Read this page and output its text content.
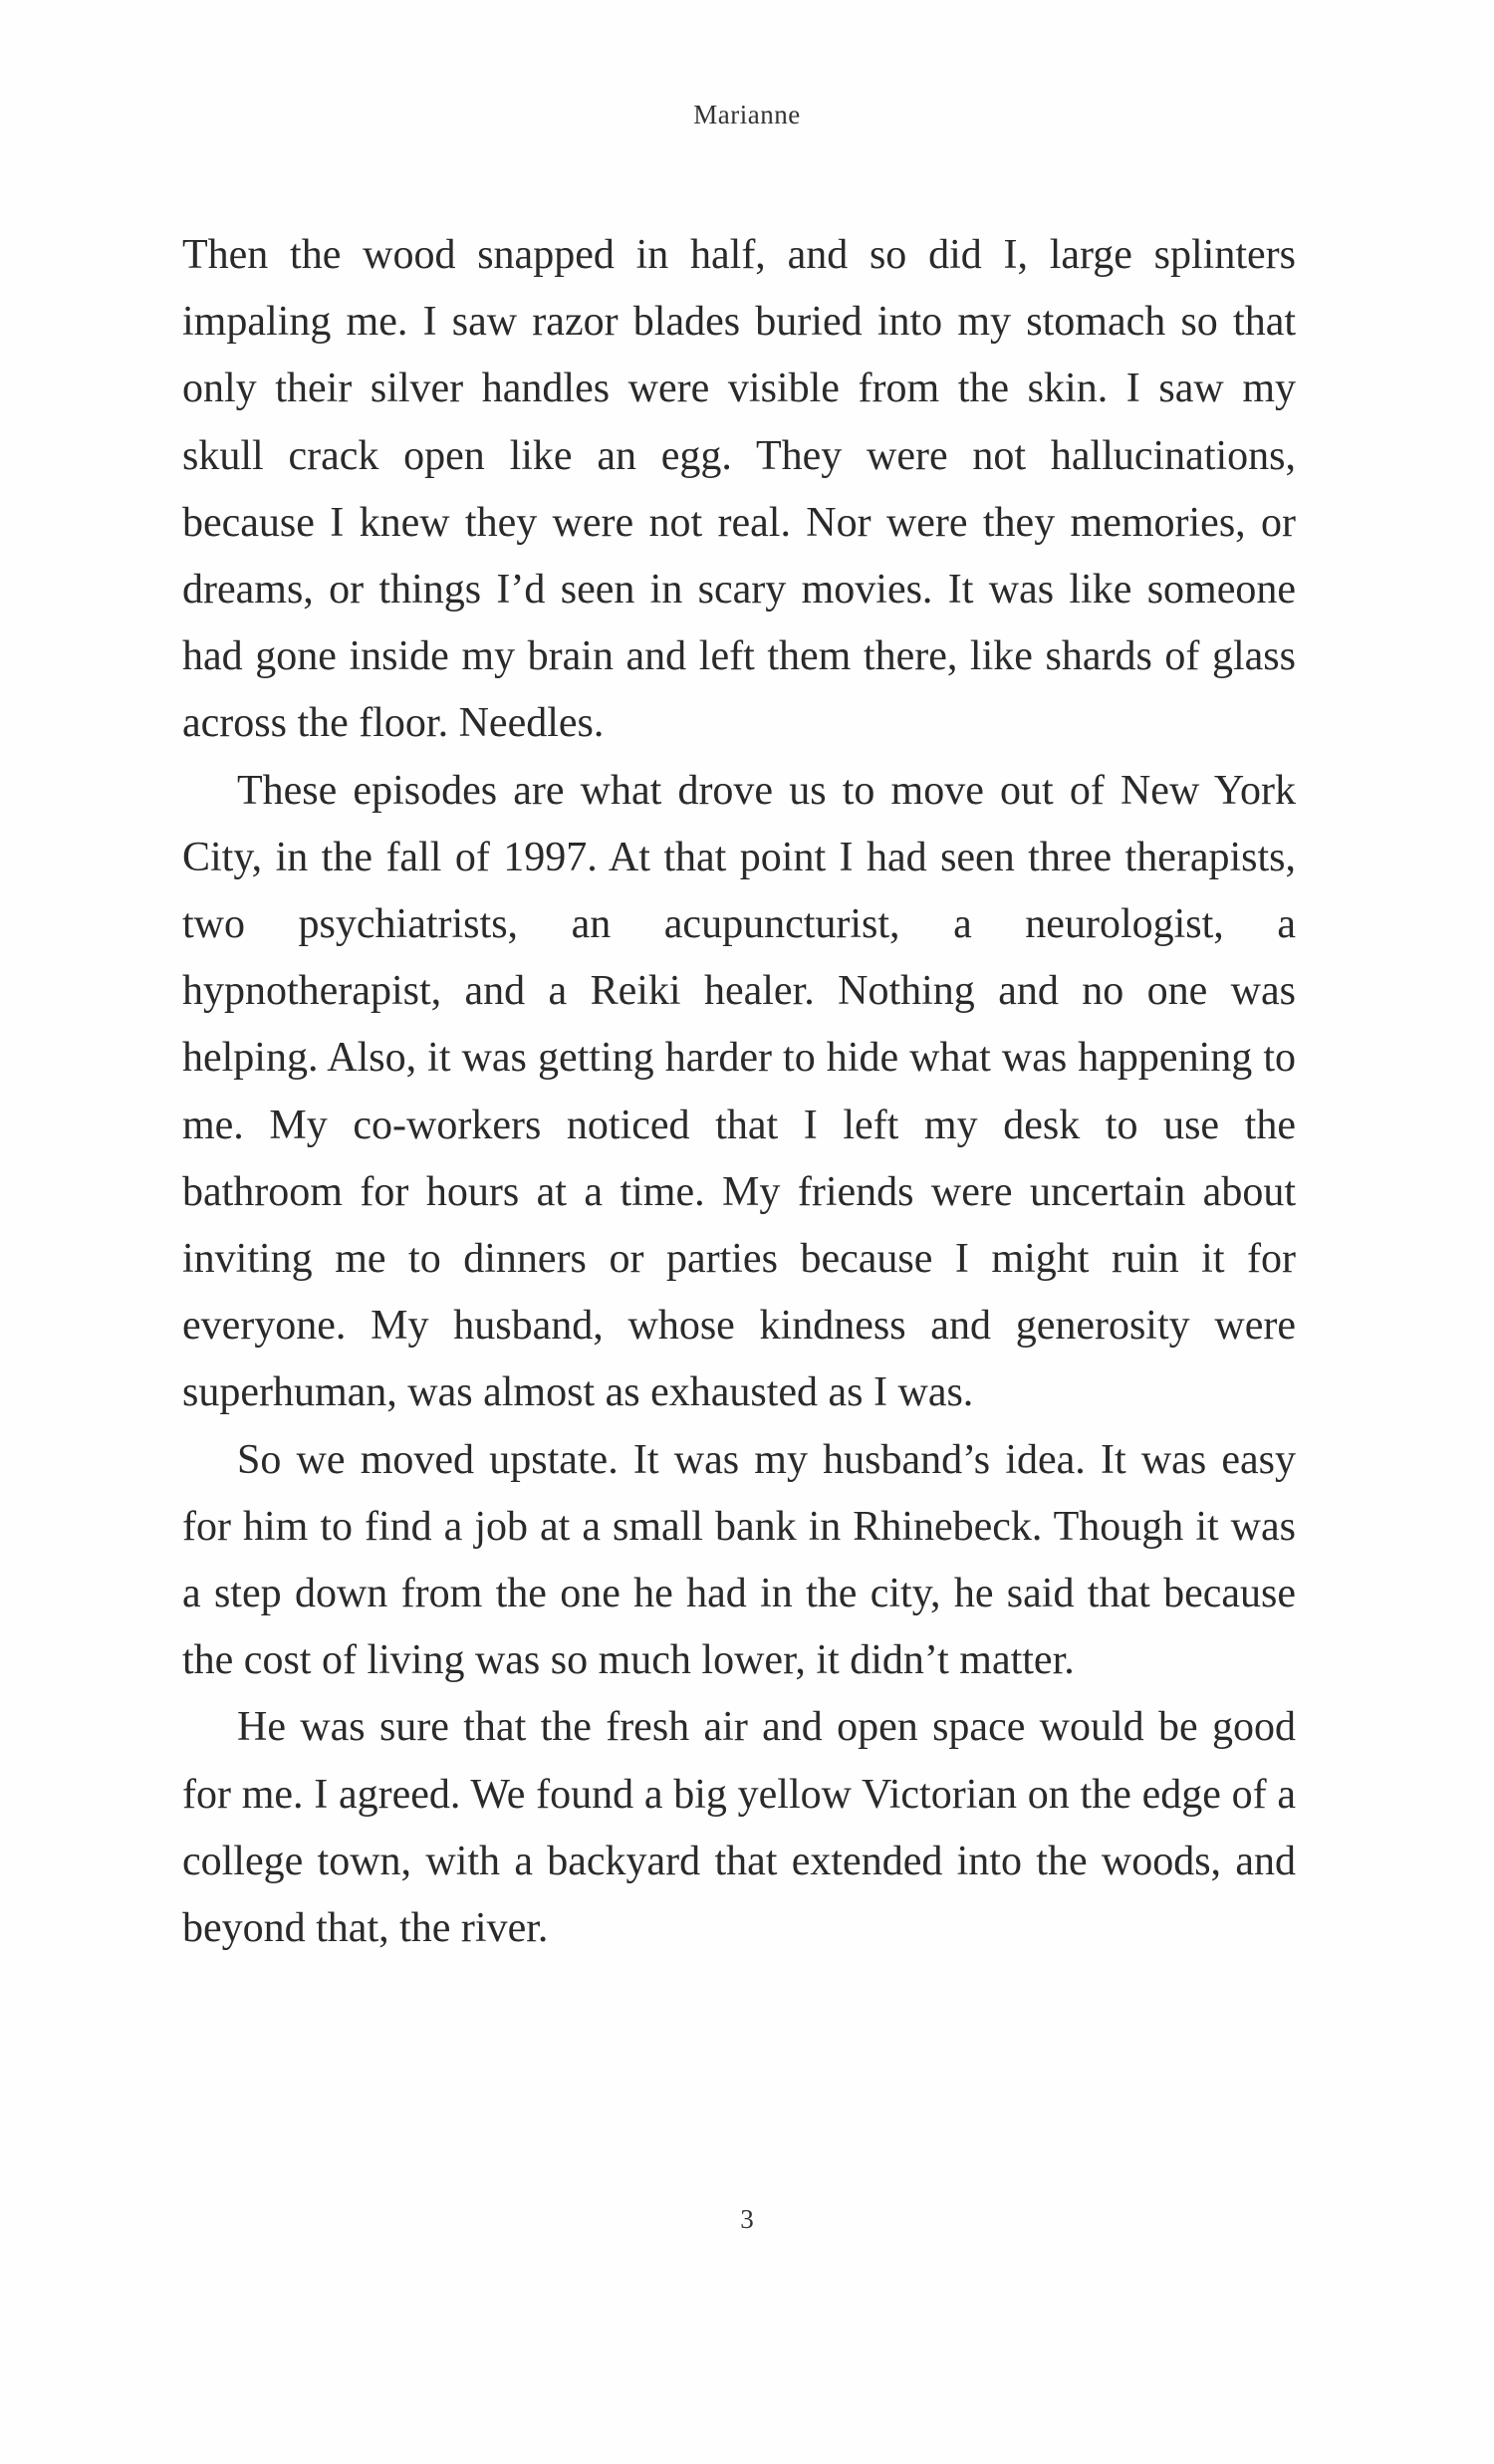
Marianne

Then the wood snapped in half, and so did I, large splinters impaling me. I saw razor blades buried into my stomach so that only their silver handles were visible from the skin. I saw my skull crack open like an egg. They were not hallucinations, because I knew they were not real. Nor were they memories, or dreams, or things I’d seen in scary movies. It was like someone had gone inside my brain and left them there, like shards of glass across the floor. Needles.

These episodes are what drove us to move out of New York City, in the fall of 1997. At that point I had seen three therapists, two psychiatrists, an acupuncturist, a neurologist, a hypnotherapist, and a Reiki healer. Nothing and no one was helping. Also, it was getting harder to hide what was happening to me. My co-workers noticed that I left my desk to use the bathroom for hours at a time. My friends were uncertain about inviting me to dinners or parties because I might ruin it for everyone. My husband, whose kindness and generosity were superhuman, was almost as exhausted as I was.

So we moved upstate. It was my husband’s idea. It was easy for him to find a job at a small bank in Rhinebeck. Though it was a step down from the one he had in the city, he said that because the cost of living was so much lower, it didn’t matter.

He was sure that the fresh air and open space would be good for me. I agreed. We found a big yellow Victorian on the edge of a college town, with a backyard that extended into the woods, and beyond that, the river.

3
